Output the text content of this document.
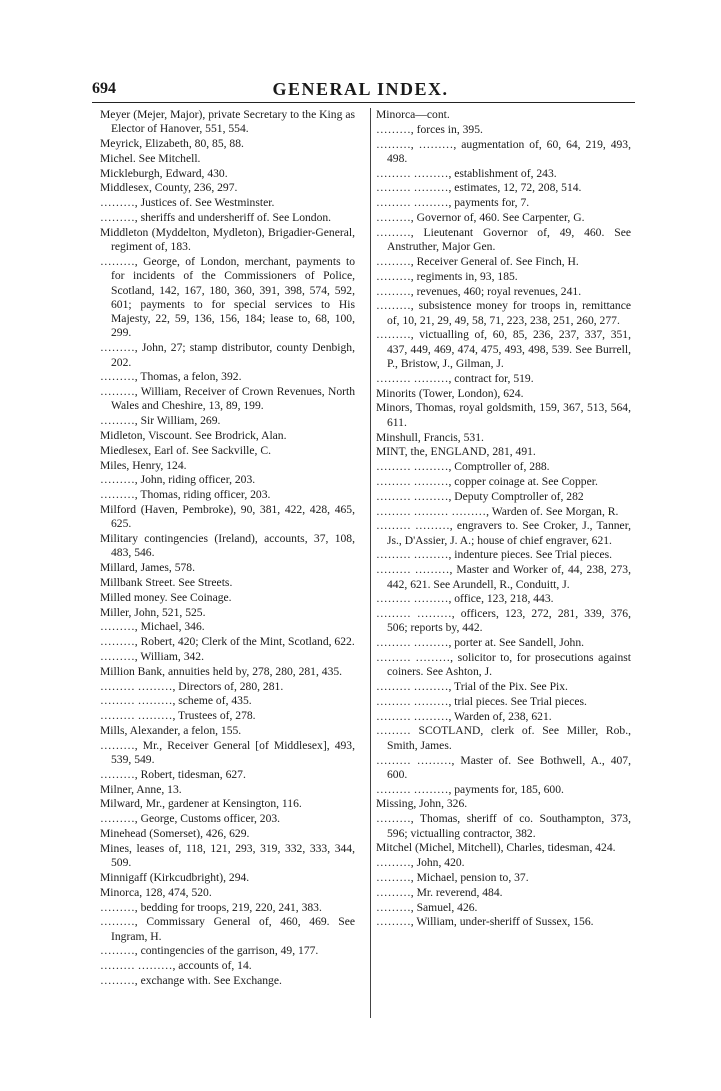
694	GENERAL INDEX.
Meyer (Mejer, Major), private Secretary to the King as Elector of Hanover, 551, 554.
Meyrick, Elizabeth, 80, 85, 88.
Michel. See Mitchell.
Mickleburgh, Edward, 430.
Middlesex, County, 236, 297.
………, Justices of. See Westminster.
………, sheriffs and undersheriff of. See London.
Middleton (Myddelton, Mydleton), Brigadier-General, regiment of, 183.
………, George, of London, merchant, payments to for incidents of the Commissioners of Police, Scotland, 142, 167, 180, 360, 391, 398, 574, 592, 601; payments to for special services to His Majesty, 22, 59, 136, 156, 184; lease to, 68, 100, 299.
………, John, 27; stamp distributor, county Denbigh, 202.
………, Thomas, a felon, 392.
………, William, Receiver of Crown Revenues, North Wales and Cheshire, 13, 89, 199.
………, Sir William, 269.
Midleton, Viscount. See Brodrick, Alan.
Miedlesex, Earl of. See Sackville, C.
Miles, Henry, 124.
………, John, riding officer, 203.
………, Thomas, riding officer, 203.
Milford (Haven, Pembroke), 90, 381, 422, 428, 465, 625.
Military contingencies (Ireland), accounts, 37, 108, 483, 546.
Millard, James, 578.
Millbank Street. See Streets.
Milled money. See Coinage.
Miller, John, 521, 525.
………, Michael, 346.
………, Robert, 420; Clerk of the Mint, Scotland, 622.
………, William, 342.
Million Bank, annuities held by, 278, 280, 281, 435.
……… ………, Directors of, 280, 281.
……… ………, scheme of, 435.
……… ………, Trustees of, 278.
Mills, Alexander, a felon, 155.
………, Mr., Receiver General [of Middlesex], 493, 539, 549.
………, Robert, tidesman, 627.
Milner, Anne, 13.
Milward, Mr., gardener at Kensington, 116.
………, George, Customs officer, 203.
Minehead (Somerset), 426, 629.
Mines, leases of, 118, 121, 293, 319, 332, 333, 344, 509.
Minnigaff (Kirkcudbright), 294.
Minorca, 128, 474, 520.
………, bedding for troops, 219, 220, 241, 383.
………, Commissary General of, 460, 469. See Ingram, H.
………, contingencies of the garrison, 49, 177.
……… ………, accounts of, 14.
………, exchange with. See Exchange.
Minorca—cont.
………, forces in, 395.
………, ………, augmentation of, 60, 64, 219, 493, 498.
……… ………, establishment of, 243.
……… ………, estimates, 12, 72, 208, 514.
……… ………, payments for, 7.
………, Governor of, 460. See Carpenter, G.
………, Lieutenant Governor of, 49, 460. See Anstruther, Major Gen.
………, Receiver General of. See Finch, H.
………, regiments in, 93, 185.
………, revenues, 460; royal revenues, 241.
………, subsistence money for troops in, remittance of, 10, 21, 29, 49, 58, 71, 223, 238, 251, 260, 277.
………, victualling of, 60, 85, 236, 237, 337, 351, 437, 449, 469, 474, 475, 493, 498, 539. See Burrell, P., Bristow, J., Gilman, J.
……… ………, contract for, 519.
Minorits (Tower, London), 624.
Minors, Thomas, royal goldsmith, 159, 367, 513, 564, 611.
Minshull, Francis, 531.
MINT, the, ENGLAND, 281, 491.
……… ………, Comptroller of, 288.
……… ………, copper coinage at. See Copper.
……… ………, Deputy Comptroller of, 282
……… ……… ………, Warden of. See Morgan, R.
……… ………, engravers to. See Croker, J., Tanner, Js., D'Assier, J. A.; house of chief engraver, 621.
……… ………, indenture pieces. See Trial pieces.
……… ………, Master and Worker of, 44, 238, 273, 442, 621. See Arundell, R., Conduitt, J.
……… ………, office, 123, 218, 443.
……… ………, officers, 123, 272, 281, 339, 376, 506; reports by, 442.
……… ………, porter at. See Sandell, John.
……… ………, solicitor to, for prosecutions against coiners. See Ashton, J.
……… ………, Trial of the Pix. See Pix.
……… ………, trial pieces. See Trial pieces.
……… ………, Warden of, 238, 621.
……… SCOTLAND, clerk of. See Miller, Rob., Smith, James.
……… ………, Master of. See Bothwell, A., 407, 600.
……… ………, payments for, 185, 600.
Missing, John, 326.
………, Thomas, sheriff of co. Southampton, 373, 596; victualling contractor, 382.
Mitchel (Michel, Mitchell), Charles, tidesman, 424.
………, John, 420.
………, Michael, pension to, 37.
………, Mr. reverend, 484.
………, Samuel, 426.
………, William, under-sheriff of Sussex, 156.
